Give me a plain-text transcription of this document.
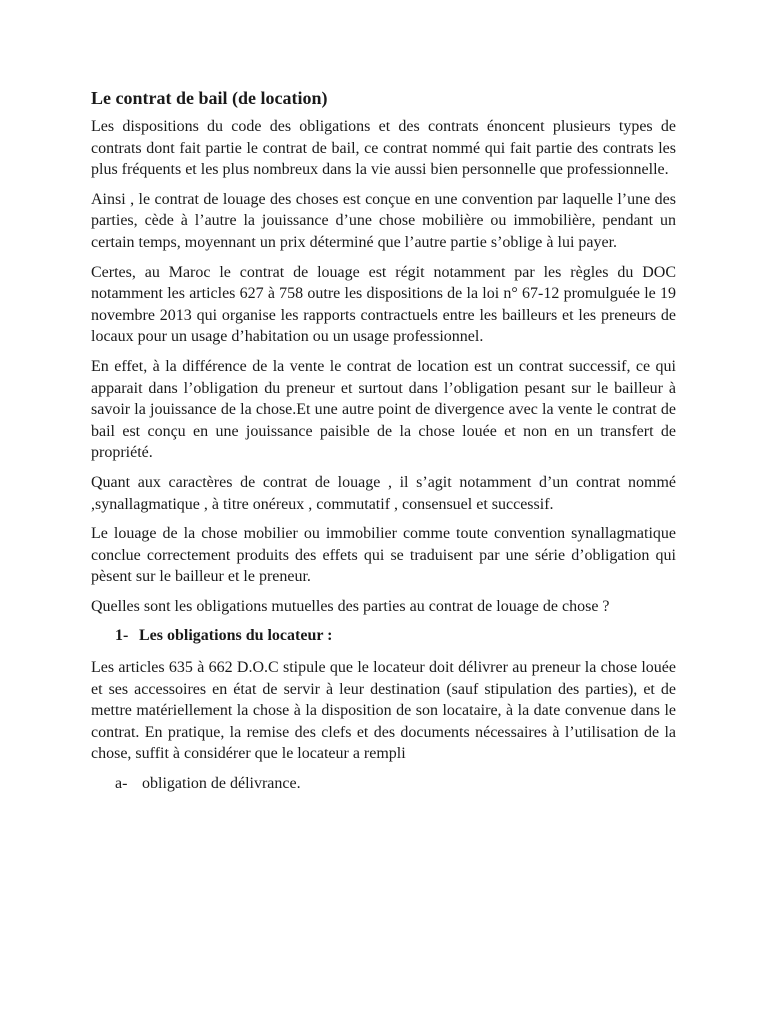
Le contrat de bail (de location)

Les dispositions du code des obligations et des contrats énoncent plusieurs types de contrats dont fait partie le contrat de bail, ce contrat nommé qui fait partie des contrats les plus fréquents et les plus nombreux dans la vie aussi bien personnelle que professionnelle.

Ainsi , le contrat de louage des choses est conçue en une convention par laquelle l’une des parties, cède à l’autre la jouissance d’une chose mobilière ou immobilière, pendant un certain temps, moyennant un prix déterminé que l’autre partie s’oblige à lui payer.

Certes, au Maroc le contrat de louage est régit notamment par les règles du DOC notamment les articles 627 à 758 outre les dispositions de la loi n° 67-12 promulguée le 19 novembre 2013 qui organise les rapports contractuels entre les bailleurs et les preneurs de locaux pour un usage d’habitation ou un usage professionnel.

En effet, à la différence de la vente le contrat de location est un contrat successif, ce qui apparait dans l’obligation du preneur et surtout dans l’obligation pesant sur le bailleur à savoir la jouissance de la chose.Et une autre point de divergence avec la vente le contrat de bail est conçu en une jouissance paisible de la chose louée et non en un transfert de propriété.

Quant aux caractères de contrat de louage , il s’agit notamment d’un contrat nommé ,synallagmatique , à titre onéreux , commutatif , consensuel et successif.

Le louage de la chose mobilier ou immobilier comme toute convention synallagmatique conclue correctement produits des effets qui se traduisent par une série d’obligation qui pèsent sur le bailleur et le preneur.

Quelles sont les obligations mutuelles des parties au contrat de louage de chose ?

1- Les obligations du locateur :

Les articles 635 à 662 D.O.C stipule que le locateur doit délivrer au preneur la chose louée et ses accessoires en état de servir à leur destination (sauf stipulation des parties), et de mettre matériellement la chose à la disposition de son locataire, à la date convenue dans le contrat. En pratique, la remise des clefs et des documents nécessaires à l’utilisation de la chose, suffit à considérer que le locateur a rempli

a- obligation de délivrance.
